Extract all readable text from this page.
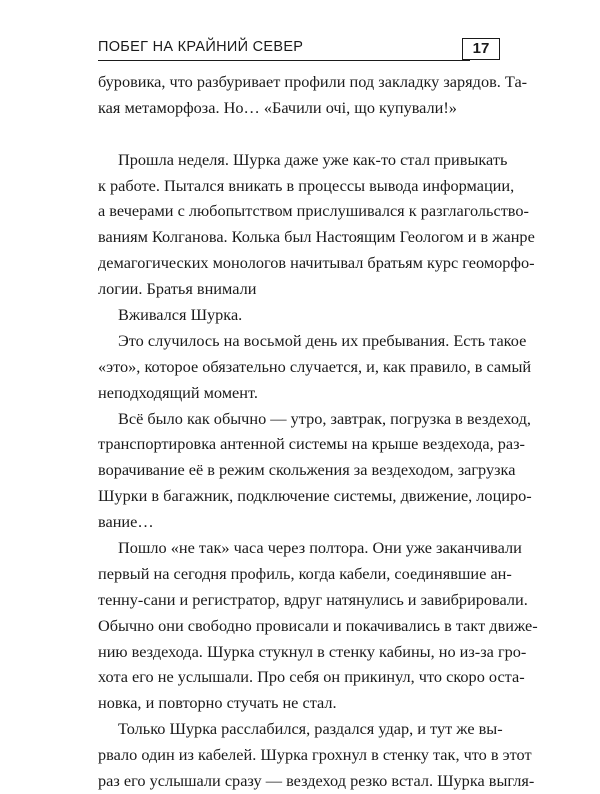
ПОБЕГ НА КРАЙНИЙ СЕВЕР	17
буровика, что разбуривает профили под закладку зарядов. Та-
кая метаморфоза. Но… «Бачили очі, що купували!»
Прошла неделя. Шурка даже уже как-то стал привыкать
к работе. Пытался вникать в процессы вывода информации,
а вечерами с любопытством прислушивался к разглагольство-
ваниям Колганова. Колька был Настоящим Геологом и в жанре
демагогических монологов начитывал братьям курс геоморфо-
логии. Братья внимали
Вживался Шурка.
Это случилось на восьмой день их пребывания. Есть такое
«это», которое обязательно случается, и, как правило, в самый
неподходящий момент.
Всё было как обычно — утро, завтрак, погрузка в вездеход,
транспортировка антенной системы на крыше вездехода, раз-
ворачивание её в режим скольжения за вездеходом, загрузка
Шурки в багажник, подключение системы, движение, лоциро-
вание…
Пошло «не так» часа через полтора. Они уже заканчивали
первый на сегодня профиль, когда кабели, соединявшие ан-
тенну-сани и регистратор, вдруг натянулись и завибрировали.
Обычно они свободно провисали и покачивались в такт движе-
нию вездехода. Шурка стукнул в стенку кабины, но из-за гро-
хота его не услышали. Про себя он прикинул, что скоро оста-
новка, и повторно стучать не стал.
Только Шурка расслабился, раздался удар, и тут же вы-
рвало один из кабелей. Шурка грохнул в стенку так, что в этот
раз его услышали сразу — вездеход резко встал. Шурка выгля-
